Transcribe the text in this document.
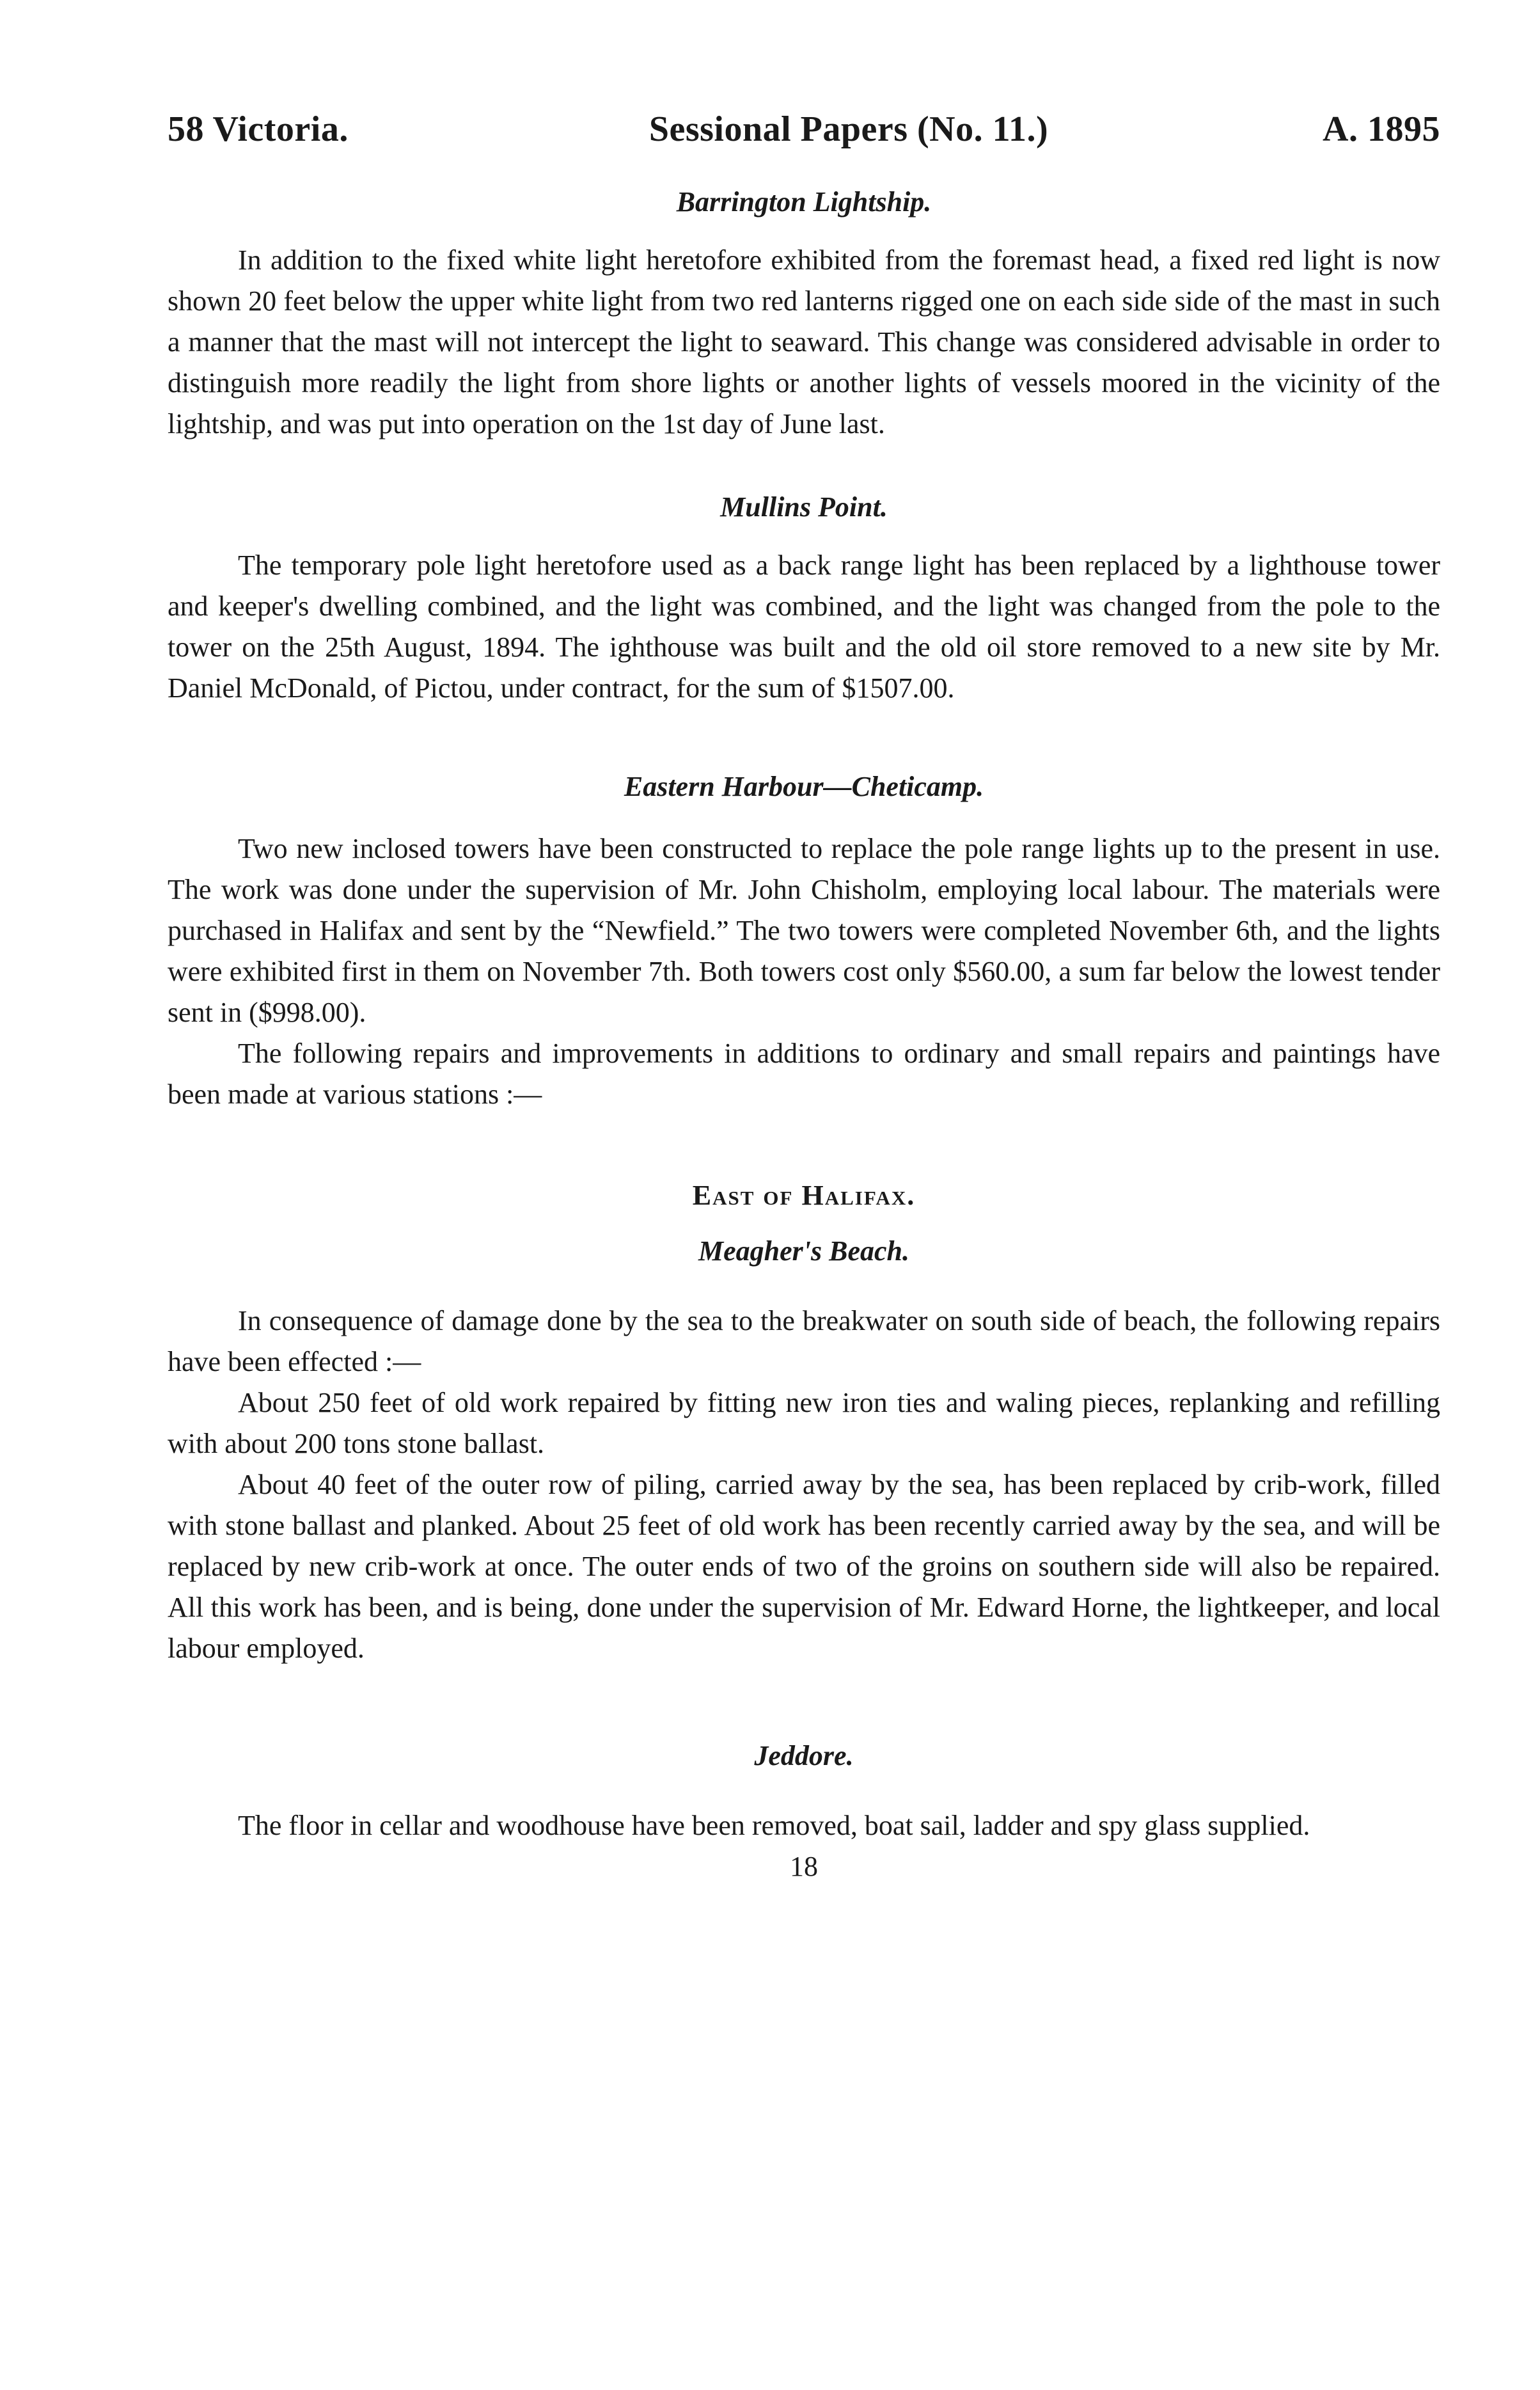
58 Victoria.	Sessional Papers (No. 11.)	A. 1895
Barrington Lightship.

In addition to the fixed white light heretofore exhibited from the foremast head, a fixed red light is now shown 20 feet below the upper white light from two red lanterns rigged one on each side side of the mast in such a manner that the mast will not intercept the light to seaward. This change was considered advisable in order to distinguish more readily the light from shore lights or another lights of vessels moored in the vicinity of the lightship, and was put into operation on the 1st day of June last.

Mullins Point.

The temporary pole light heretofore used as a back range light has been replaced by a lighthouse tower and keeper's dwelling combined, and the light was combined, and the light was changed from the pole to the tower on the 25th August, 1894. The ighthouse was built and the old oil store removed to a new site by Mr. Daniel McDonald, of Pictou, under contract, for the sum of $1507.00.

Eastern Harbour—Cheticamp.

Two new inclosed towers have been constructed to replace the pole range lights up to the present in use. The work was done under the supervision of Mr. John Chisholm, employing local labour. The materials were purchased in Halifax and sent by the “Newfield.” The two towers were completed November 6th, and the lights were exhibited first in them on November 7th. Both towers cost only $560.00, a sum far below the lowest tender sent in ($998.00).

The following repairs and improvements in additions to ordinary and small repairs and paintings have been made at various stations :—

East of Halifax.
Meagher's Beach.

In consequence of damage done by the sea to the breakwater on south side of beach, the following repairs have been effected :—

About 250 feet of old work repaired by fitting new iron ties and waling pieces, replanking and refilling with about 200 tons stone ballast.

About 40 feet of the outer row of piling, carried away by the sea, has been replaced by crib-work, filled with stone ballast and planked. About 25 feet of old work has been recently carried away by the sea, and will be replaced by new crib-work at once. The outer ends of two of the groins on southern side will also be repaired. All this work has been, and is being, done under the supervision of Mr. Edward Horne, the lightkeeper, and local labour employed.

Jeddore.

The floor in cellar and woodhouse have been removed, boat sail, ladder and spy glass supplied.

18
